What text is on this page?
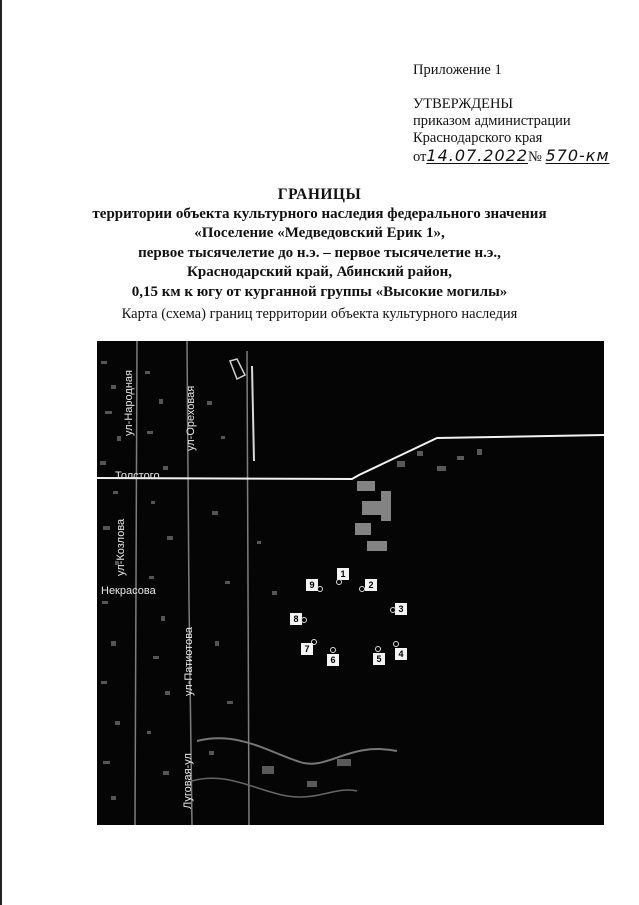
Приложение 1
УТВЕРЖДЕНЫ
приказом администрации
Краснодарского края
от14.07.2022№ 570-км
ГРАНИЦЫ
территории объекта культурного наследия федерального значения
«Поселение «Медведовский Ерик 1»,
первое тысячелетие до н.э. – первое тысячелетие н.э.,
Краснодарский край, Абинский район,
0,15 км к югу от курганной группы «Высокие могилы»
Карта (схема) границ территории объекта культурного наследия
ул-Народная	ул-Ореховая
Толстого
ул-Козлова
Некрасова
ул-Патиотова
Луговая-ул
1
2
3
4
5
6
7
8
9
